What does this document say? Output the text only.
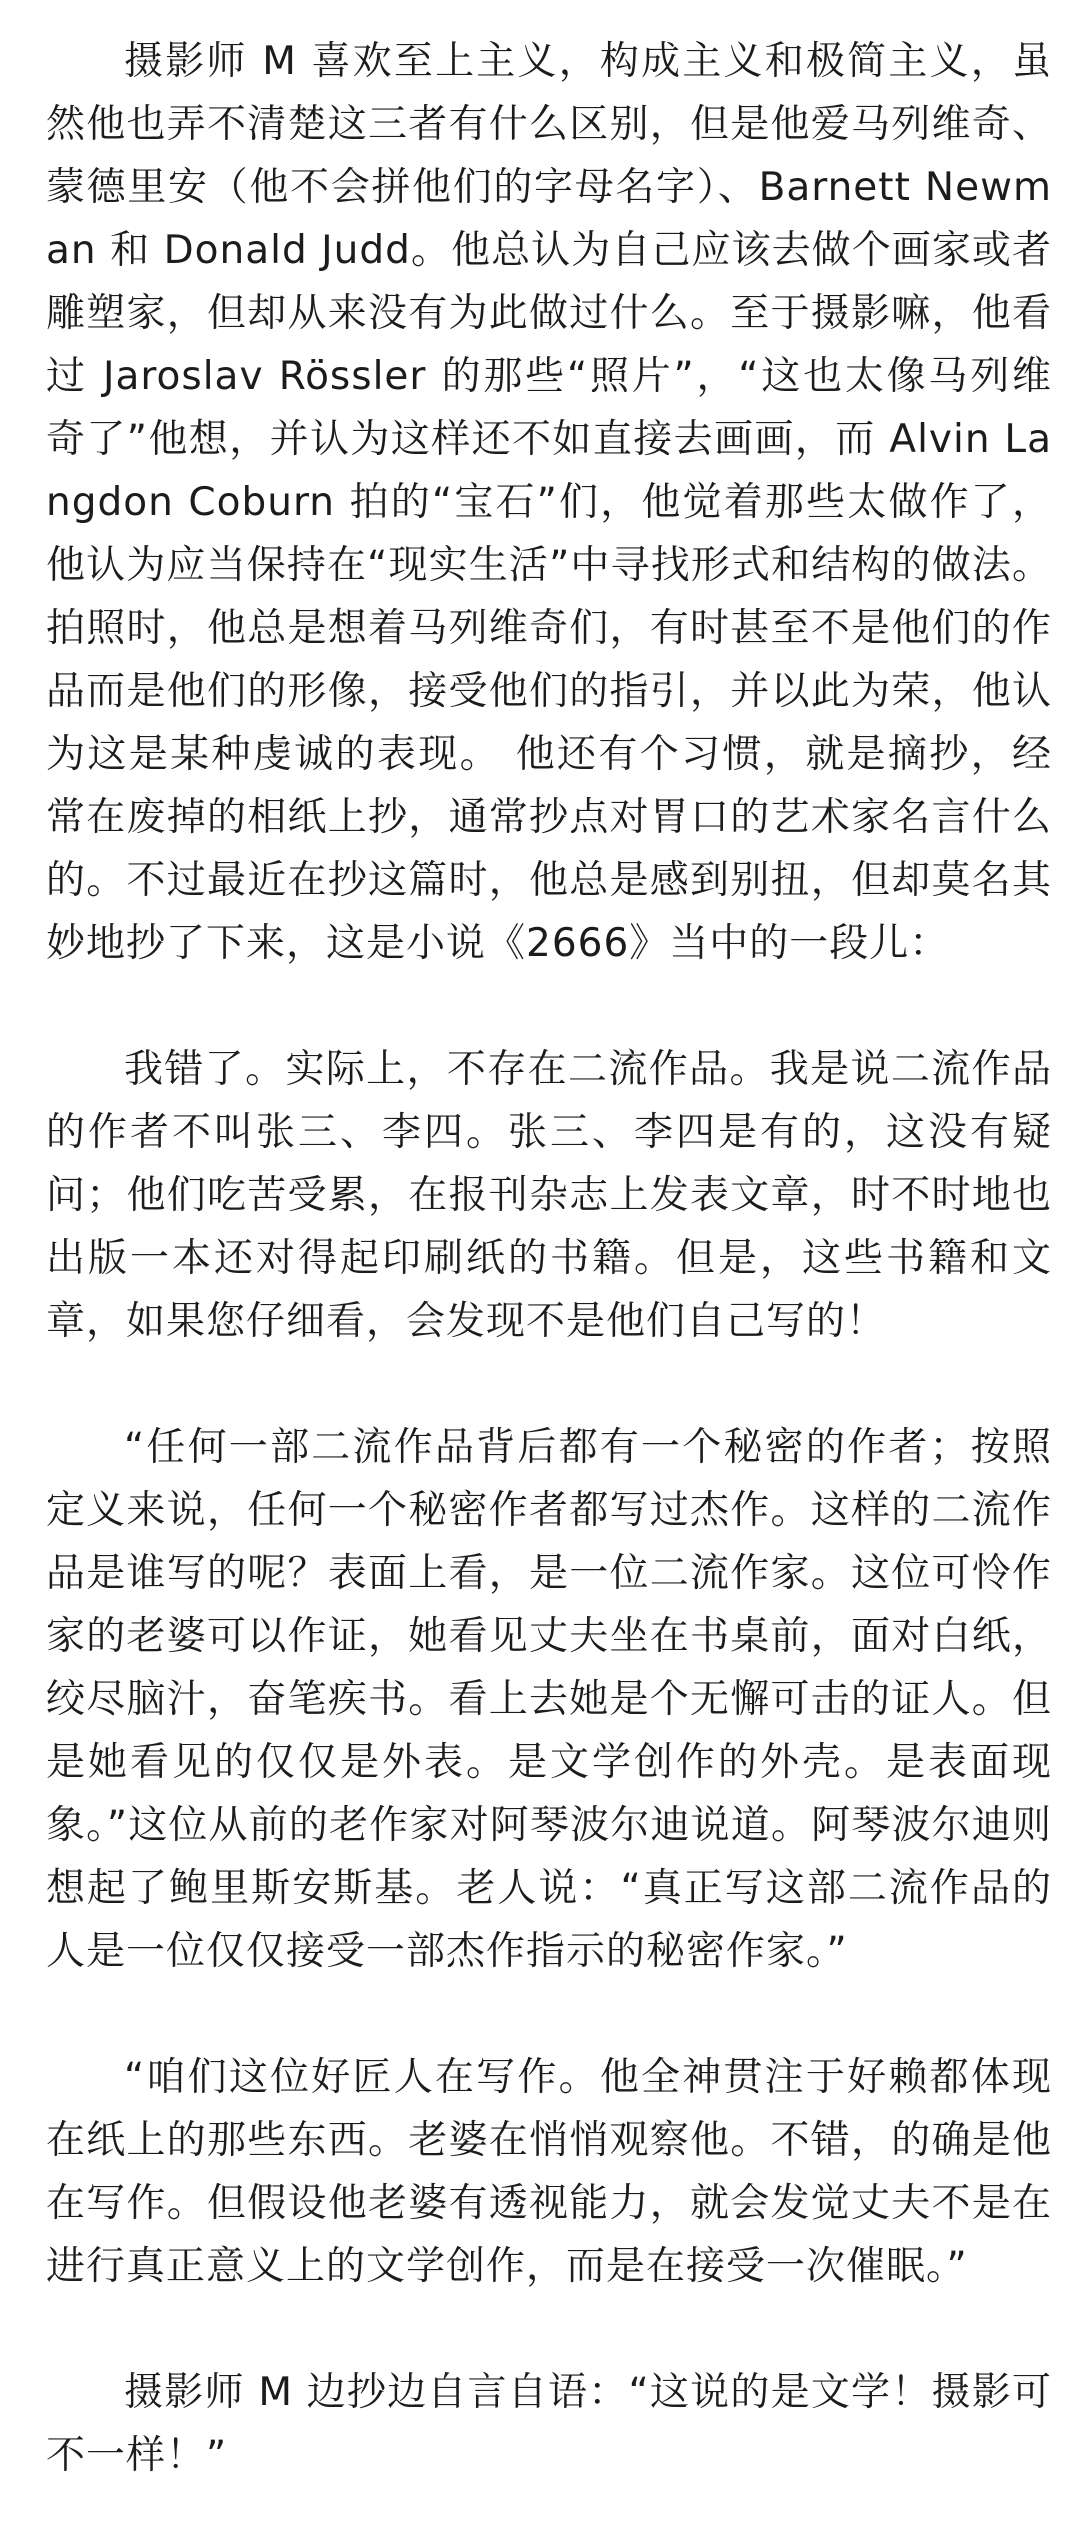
摄影师 M 喜欢至上主义，构成主义和极简主义，虽然他也弄不清楚这三者有什么区别，但是他爱马列维奇、蒙德里安（他不会拼他们的字母名字）、Barnett Newman 和 Donald Judd。他总认为自己应该去做个画家或者雕塑家，但却从来没有为此做过什么。至于摄影嘛，他看过 Jaroslav Rössler 的那些“照片”，“这也太像马列维奇了”他想，并认为这样还不如直接去画画，而 Alvin Langdon Coburn 拍的“宝石”们，他觉着那些太做作了，他认为应当保持在“现实生活”中寻找形式和结构的做法。拍照时，他总是想着马列维奇们，有时甚至不是他们的作品而是他们的形像，接受他们的指引，并以此为荣，他认为这是某种虔诚的表现。 他还有个习惯，就是摘抄，经常在废掉的相纸上抄，通常抄点对胃口的艺术家名言什么的。不过最近在抄这篇时，他总是感到别扭，但却莫名其妙地抄了下来，这是小说《2666》当中的一段儿：

我错了。实际上，不存在二流作品。我是说二流作品的作者不叫张三、李四。张三、李四是有的，这没有疑问；他们吃苦受累，在报刊杂志上发表文章，时不时地也出版一本还对得起印刷纸的书籍。但是，这些书籍和文章，如果您仔细看，会发现不是他们自己写的！

“任何一部二流作品背后都有一个秘密的作者；按照定义来说，任何一个秘密作者都写过杰作。这样的二流作品是谁写的呢？表面上看，是一位二流作家。这位可怜作家的老婆可以作证，她看见丈夫坐在书桌前，面对白纸，绞尽脑汁，奋笔疾书。看上去她是个无懈可击的证人。但是她看见的仅仅是外表。是文学创作的外壳。是表面现象。”这位从前的老作家对阿琴波尔迪说道。阿琴波尔迪则想起了鲍里斯安斯基。老人说：“真正写这部二流作品的人是一位仅仅接受一部杰作指示的秘密作家。”

“咱们这位好匠人在写作。他全神贯注于好赖都体现在纸上的那些东西。老婆在悄悄观察他。不错，的确是他在写作。但假设他老婆有透视能力，就会发觉丈夫不是在进行真正意义上的文学创作，而是在接受一次催眠。”

摄影师 M 边抄边自言自语：“这说的是文学！摄影可不一样！”
